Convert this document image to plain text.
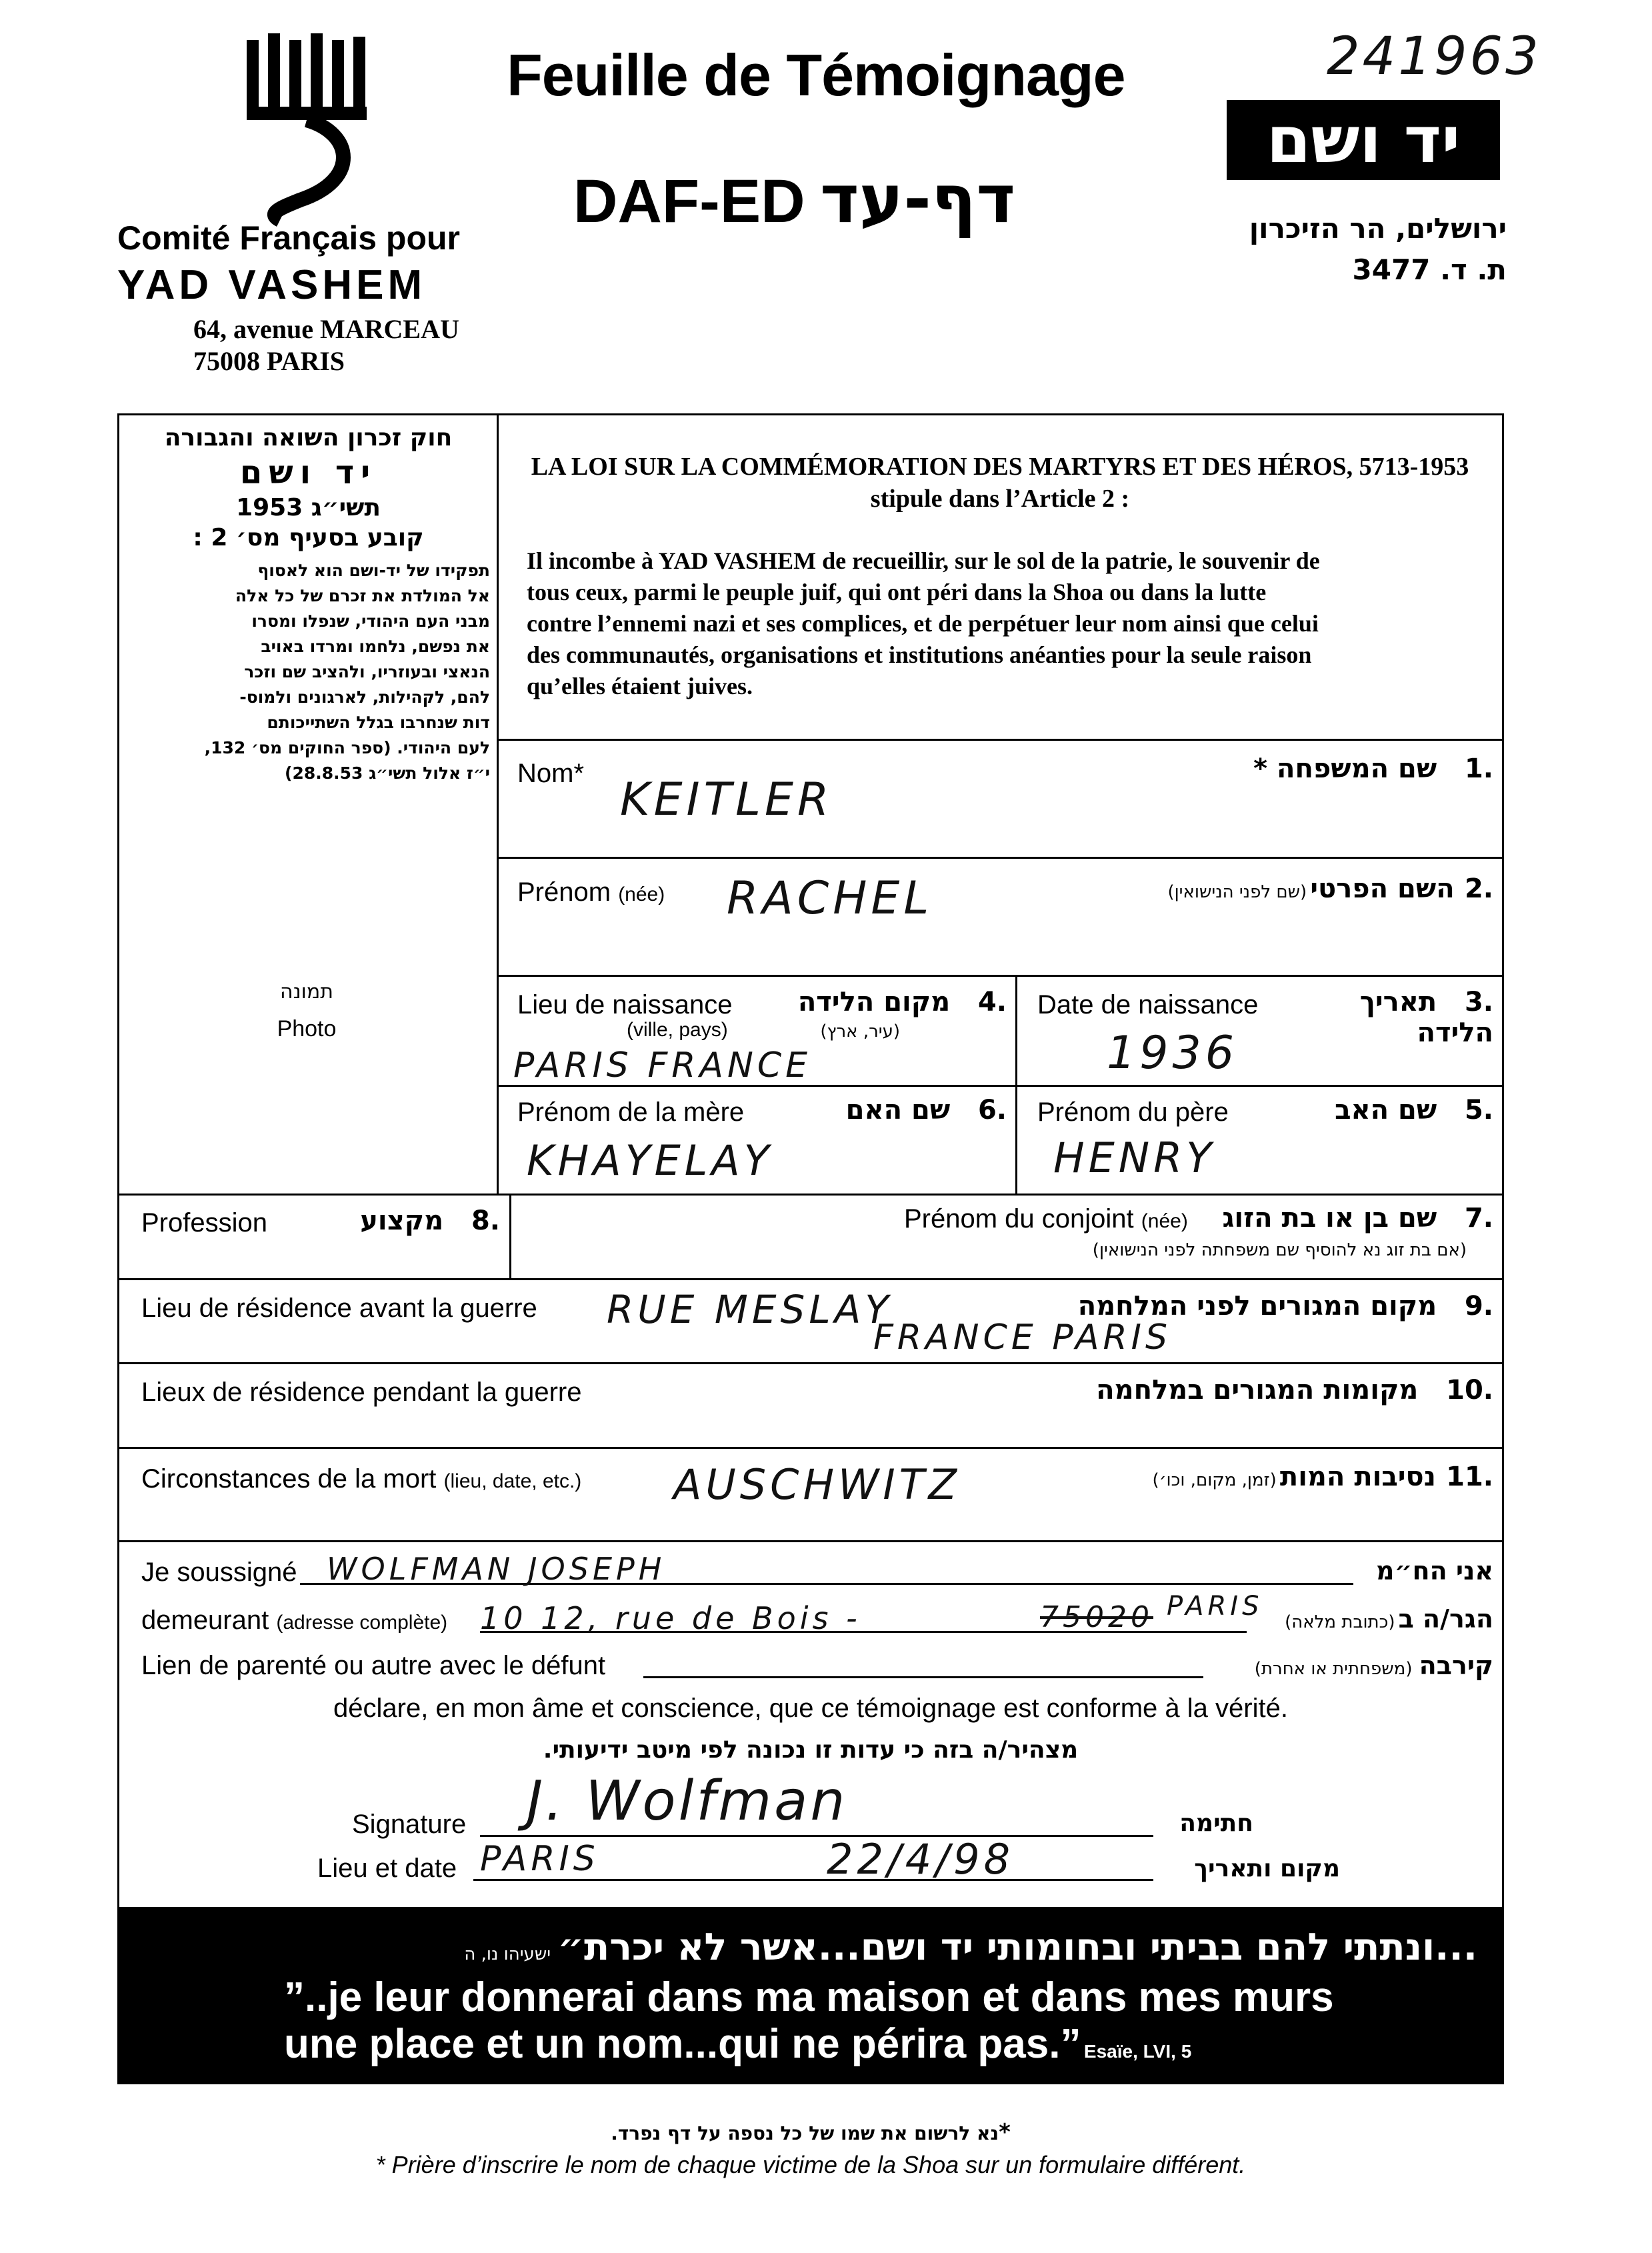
241963
Feuille de Témoignage
DAF-ED דף-עד
Comité Français pour
YAD VASHEM
64, avenue MARCEAU
75008 PARIS
יד ושם
ירושלים, הר הזיכרון
ת. ד. 3477
חוק זכרון השואה והגבורה
יד ושם
תשי״ג 1953
קובע בסעיף מס׳ 2 :
תפקידו של יד-ושם הוא לאסוף
אל המולדת את זכרם של כל אלה
מבני העם היהודי, שנפלו ומסרו
את נפשם, נלחמו ומרדו באויב
הנאצי ובעוזריו, ולהציב שם וזכר
להם, לקהילות, לארגונים ולמוס-
דות שנחרבו בגלל השתייכותם
לעם היהודי. (ספר החוקים מס׳ 132,
י״ז אלול תשי״ג 28.8.53)
תמונה
Photo
LA LOI SUR LA COMMÉMORATION DES MARTYRS ET DES HÉROS, 5713-1953
stipule dans l’Article 2 :
Il incombe à YAD VASHEM de recueillir, sur le sol de la patrie, le souvenir de
tous ceux, parmi le peuple juif, qui ont péri dans la Shoa ou dans la lutte
contre l’ennemi nazi et ses complices, et de perpétuer leur nom ainsi que celui
des communautés, organisations et institutions anéanties pour la seule raison
qu’elles étaient juives.
Nom*	.1   שם המשפחה *
KEITLER
Prénom (née)	.2   השם הפרטי (שם לפני הנישואין)
RACHEL
Lieu de naissance
(ville, pays)
.4   מקום הלידה
(עיר, ארץ)
PARIS FRANCE
Date de naissance	.3   תאריך הלידה
1936
Prénom de la mère	.6   שם האם
KHAYELAY
Prénom du père	.5   שם האב
HENRY
Profession	.8   מקצוע	Prénom du conjoint (née)	.7   שם בן או בת הזוג
(אם בת זוג נא להוסיף שם משפחתה לפני הנישואין)
Lieu de résidence avant la guerre	.9   מקום המגורים לפני המלחמה
RUE MESLAY
FRANCE PARIS
Lieux de résidence pendant la guerre	.10   מקומות המגורים במלחמה
Circonstances de la mort (lieu, date, etc.)	.11   נסיבות המות (זמן, מקום, וכו׳)
AUSCHWITZ
Je soussigné WOLFMAN JOSEPH	אני הח״מ
demeurant (adresse complète) 10 12, rue de Bois -	75020 PARIS	הגר/ה ב (כתובת מלאה)
Lien de parenté ou autre avec le défunt	קירבה  (משפחתית או אחרת)
déclare, en mon âme et conscience, que ce témoignage est conforme à la vérité.
מצהיר/ה בזה כי עדות זו נכונה לפי מיטב ידיעותי.
Signature J. Wolfman	חתימה
Lieu et date PARIS	22/4/98	מקום ותאריך
...ונתתי להם בביתי ובחומותי יד ושם...אשר לא יכרת״  ישעיהו נו, ה
”..je leur donnerai dans ma maison et dans mes murs
une place et un nom...qui ne périra pas.” Esaïe, LVI, 5
*נא לרשום את שמו של כל נספה על דף נפרד.
* Prière d’inscrire le nom de chaque victime de la Shoa sur un formulaire différent.
